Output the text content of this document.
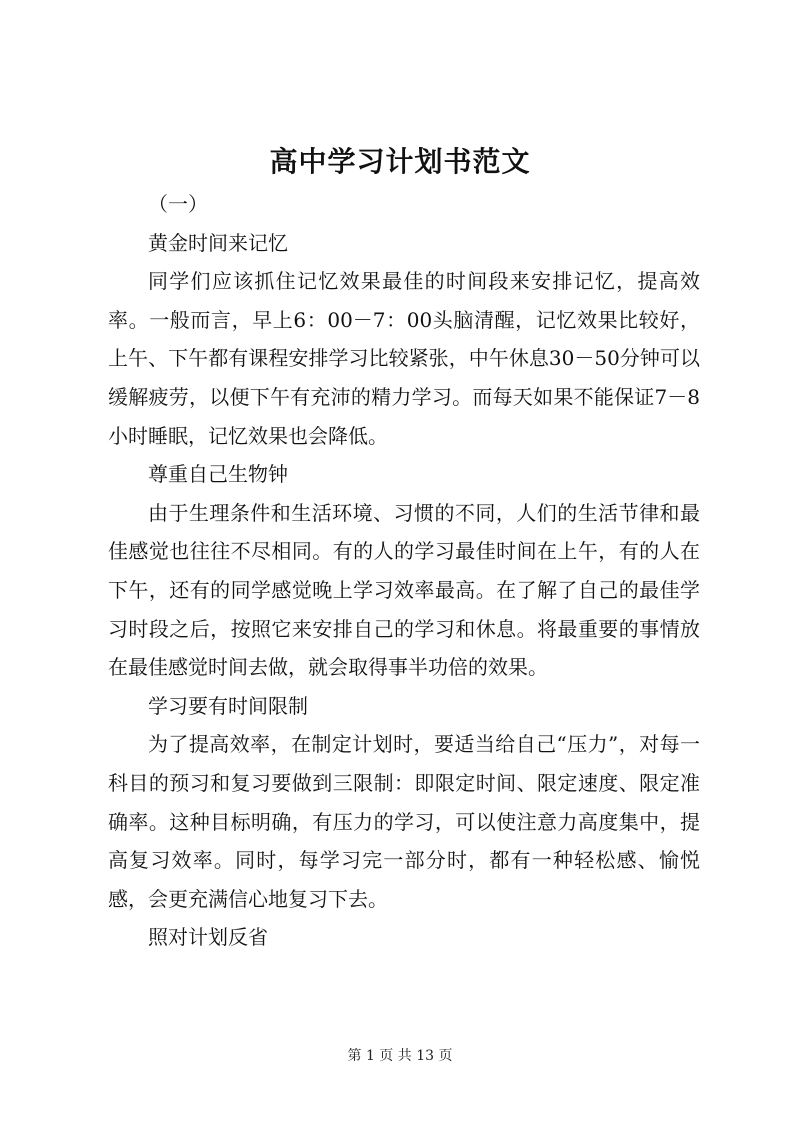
高中学习计划书范文

（一）

黄金时间来记忆

同学们应该抓住记忆效果最佳的时间段来安排记忆，提高效率。一般而言，早上6：00－7：00头脑清醒，记忆效果比较好，上午、下午都有课程安排学习比较紧张，中午休息30－50分钟可以缓解疲劳，以便下午有充沛的精力学习。而每天如果不能保证7－8小时睡眠，记忆效果也会降低。

尊重自己生物钟

由于生理条件和生活环境、习惯的不同，人们的生活节律和最佳感觉也往往不尽相同。有的人的学习最佳时间在上午，有的人在下午，还有的同学感觉晚上学习效率最高。在了解了自己的最佳学习时段之后，按照它来安排自己的学习和休息。将最重要的事情放在最佳感觉时间去做，就会取得事半功倍的效果。

学习要有时间限制

为了提高效率，在制定计划时，要适当给自己“压力”，对每一科目的预习和复习要做到三限制：即限定时间、限定速度、限定准确率。这种目标明确，有压力的学习，可以使注意力高度集中，提高复习效率。同时，每学习完一部分时，都有一种轻松感、愉悦感，会更充满信心地复习下去。

照对计划反省

第 1 页 共 13 页
